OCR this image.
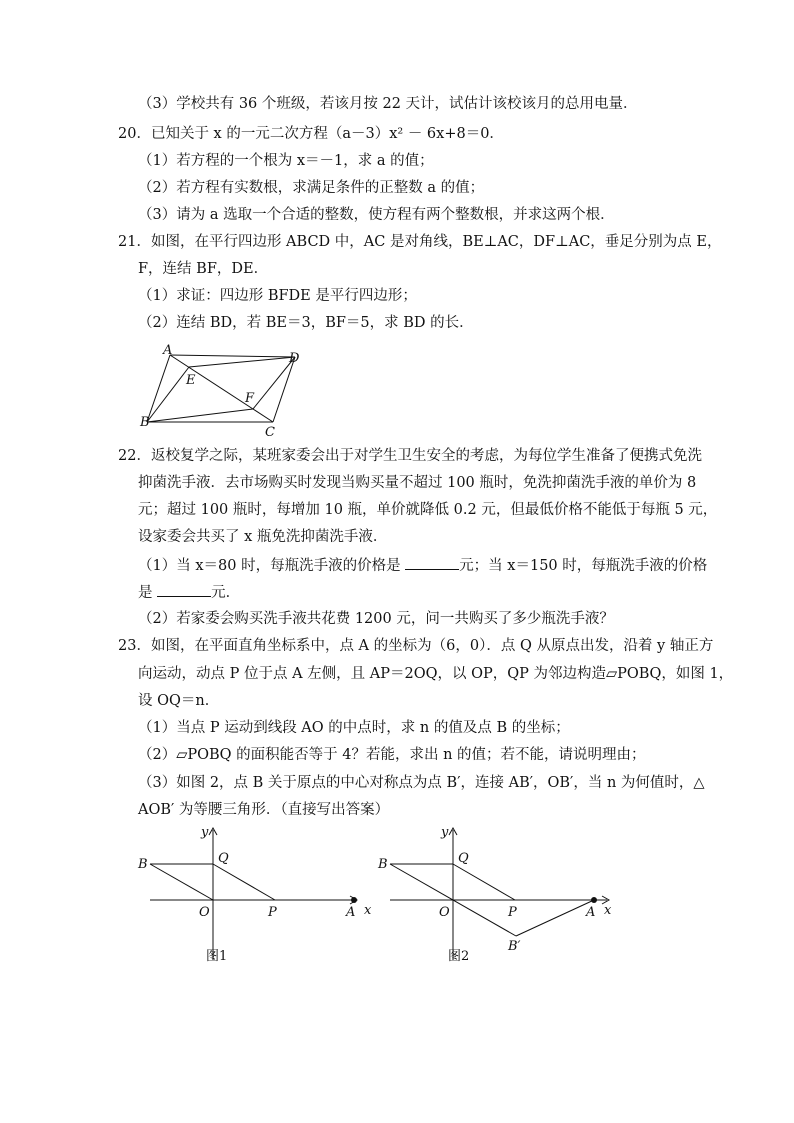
（3）学校共有 36 个班级，若该月按 22 天计，试估计该校该月的总用电量．
20．已知关于 x 的一元二次方程（a－3）x² － 6x+8＝0．
（1）若方程的一个根为 x＝－1，求 a 的值；
（2）若方程有实数根，求满足条件的正整数 a 的值；
（3）请为 a 选取一个合适的整数，使方程有两个整数根，并求这两个根．
21．如图，在平行四边形 ABCD 中，AC 是对角线，BE⊥AC，DF⊥AC，垂足分别为点 E，
F，连结 BF，DE．
（1）求证：四边形 BFDE 是平行四边形；
（2）连结 BD，若 BE＝3，BF＝5，求 BD 的长．
A
D
E
F
B
C
22．返校复学之际，某班家委会出于对学生卫生安全的考虑，为每位学生准备了便携式免洗
抑菌洗手液．去市场购买时发现当购买量不超过 100 瓶时，免洗抑菌洗手液的单价为 8
元；超过 100 瓶时，每增加 10 瓶，单价就降低 0.2 元，但最低价格不能低于每瓶 5 元，
设家委会共买了 x 瓶免洗抑菌洗手液．
（1）当 x＝80 时，每瓶洗手液的价格是	元；当 x＝150 时，每瓶洗手液的价格
是	元．
（2）若家委会购买洗手液共花费 1200 元，问一共购买了多少瓶洗手液？
23．如图，在平面直角坐标系中，点 A 的坐标为（6，0）．点 Q 从原点出发，沿着 y 轴正方
向运动，动点 P 位于点 A 左侧，且 AP＝2OQ，以 OP，QP 为邻边构造▱POBQ，如图 1，
设 OQ＝n．
（1）当点 P 运动到线段 AO 的中点时，求 n 的值及点 B 的坐标；
（2）▱POBQ 的面积能否等于 4？若能，求出 n 的值；若不能，请说明理由；
（3）如图 2，点 B 关于原点的中心对称点为点 B′，连接 AB′，OB′，当 n 为何值时，△
AOB′ 为等腰三角形．（直接写出答案）
y
B	Q
O	P	A x
图1
y
B	Q
O	P	A x
B′
图2
